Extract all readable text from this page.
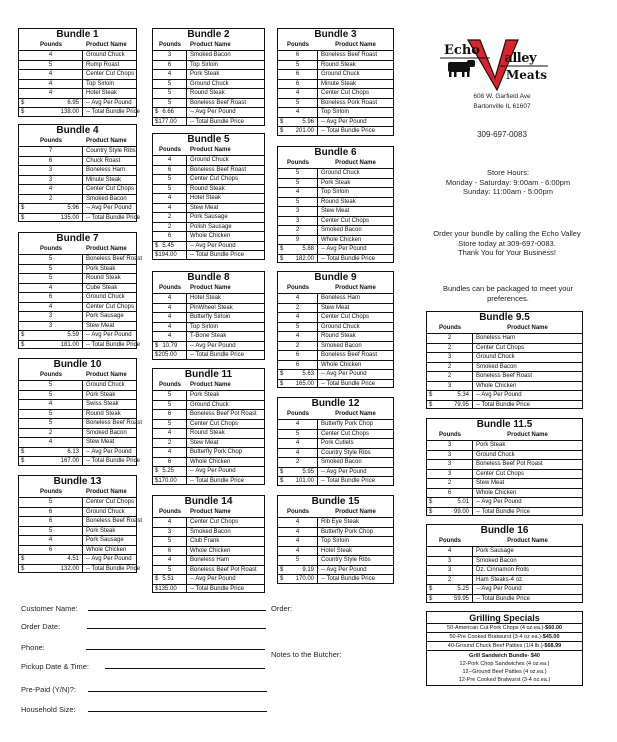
Bundle 1
Pounds	Product Name
4	Ground Chuck
5	Rump Roast
4	Center Cut Chops
4	Top Sirloin
4	Hotel Steak
$	6.95	-- Avg Per Pound
$	138.00	-- Total Bundle Price
Bundle 2
Pounds	Product Name
3	Smoked Bacon
6	Top Sirloin
4	Pork Steak
5	Ground Chuck
5	Round Steak
5	Boneless Beef Roast
$ 6.66	-- Avg Per Pound
$ 177.00	-- Total Bundle Price
Bundle 3
Pounds	Product Name
6	Boneless Beef Roast
5	Round Steak
6	Ground Chuck
6	Minute Steak
4	Center Cut Chops
5	Boneless Pork Roast
4	Top Sirloin
$	5.96	-- Avg Per Pound
$ 201.00	-- Total Bundle Price
Bundle 4
Pounds	Product Name
7	Country Style Ribs
6	Chuck Roast
3	Boneless Ham
3	Minute Steak
4	Center Cut Chops
2	Smoked Bacon
$	5.96	-- Avg Per Pound
$	135.00	-- Total Bundle Price
Bundle 5
Pounds	Product Name
4	Ground Chuck
6	Boneless Beef Roast
5	Center Cut Chops
5	Round Steak
4	Hotel Steak
4	Stew Meat
2	Pork Sausage
2	Polish Sausage
6	Whole Chicken
$ 5.45	-- Avg Per Pound
$ 194.00	-- Total Bundle Price
Bundle 6
Pounds	Product Name
5	Ground Chuck
5	Pork Steak
4	Top Sirloin
5	Round Steak
3	Stew Meat
3	Center Cut Chops
2	Smoked Bacon
9	Whole Chicken
$	5.88	-- Avg Per Pound
$ 182.00	-- Total Bundle Price
Bundle 7
Pounds	Product Name
5	Boneless Beef Roast
5	Pork Steak
5	Round Steak
4	Cube Steak
6	Ground Chuck
4	Center Cut Chops
3	Pork Sausage
3	Stew Meat
$	5.59	-- Avg Per Pound
$	181.00	-- Total Bundle Price
Bundle 8
Pounds	Product Name
4	Hotel Steak
4	PinWheel Steak
4	Butterfly Sirloin
4	Top Sirloin
4	T-Bone Steak
$ 10.79	-- Avg Per Pound
$ 205.00	-- Total Bundle Price
Bundle 9
Pounds	Product Name
4	Boneless Ham
2	Stew Meat
4	Center Cut Chops
5	Ground Chuck
4	Round Steak
2	Smoked Bacon
6	Boneless Beef Roast
6	Whole Chicken
$	5.63	-- Avg Per Pound
$ 165.00	-- Total Bundle Price
Bundle 10
Pounds	Product Name
5	Ground Chuck
5	Pork Steak
4	Swiss Steak
5	Round Steak
5	Boneless Beef Roast
2	Smoked Bacon
4	Stew Meat
$	6.13	-- Avg Per Pound
$	167.00	-- Total Bundle Price
Bundle 11
Pounds	Product Name
5	Pork Steak
5	Ground Chuck
6	Boneless Beef Pot Roast
5	Center Cut Chops
4	Round Steak
2	Stew Meat
4	Butterfly Pork Chop
6	Whole Chicken
$ 5.25	-- Avg Per Pound
$ 170.00	-- Total Bundle Price
Bundle 12
Pounds	Product Name
4	Butterfly Pork Chop
5	Center Cut Chops
4	Pork Cutlets
4	Country Style Ribs
2	Smoked Bacon
$	5.95	-- Avg Per Pound
$ 101.00	-- Total Bundle Price
Bundle 13
Pounds	Product Name
5	Center Cut Chops
6	Ground Chuck
6	Boneless Beef Roast
5	Pork Steak
4	Pork Sausage
6	Whole Chicken
$	4.51	-- Avg Per Pound
$	132.00	-- Total Bundle Price
Bundle 14
Pounds	Product Name
4	Center Cut Chops
3	Smoked Bacon
5	Club Frank
6	Whole Chicken
4	Boneless Ham
5	Boneless Beef Pot Roast
$ 5.51	-- Avg Per Pound
$ 135.00	-- Total Bundle Price
Bundle 15
Pounds	Product Name
4	Rib Eye Steak
4	Butterfly Pork Chop
4	Top Sirloin
4	Hotel Steak
5	Country Style Ribs
$	9.19	-- Avg Per Pound
$ 170.00	-- Total Bundle Price
Bundle 9.5
Pounds	Product Name
2	Boneless Ham
2	Center Cut Chops
3	Ground Chuck
2	Smoked Bacon
2	Boneless Beef Roast
3	Whole Chicken
$	5.34	-- Avg Per Pound
$	79.95	-- Total Bundle Price
Bundle 11.5
Pounds	Product Name
3	Pork Steak
3	Ground Chuck
3	Boneless Beef Pot Roast
3	Center Cut Chops
2	Stew Meat
6	Whole Chicken
$	5.01	-- Avg Per Pound
$	99.00	-- Total Bundle Price
Bundle 16
Pounds	Product Name
4	Pork Sausage
3	Smoked Bacon
3	Dz. Cinnamon Rolls
2	Ham Steaks-4 oz.
$	5.25	-- Avg Per Pound
$	59.95	-- Total Bundle Price
Echo
Valley
Meats
608 W. Garfield Ave
Bartonville IL 61607
309-697-0083
Store Hours:
Monday - Saturday: 9:00am - 6:00pm
Sunday: 11:00am - 5:00pm
Order your bundle by calling the Echo Valley
Store today at 309-697-0083.
Thank You for Your Business!
Bundles can be packaged to meet your
preferences.
Grilling Specials
50-American Cut Pork Chops (4 oz.ea.)-$60.00
50-Pre Cooked Bratwurst (3-4 oz ea.)-$45.00
40-Ground Chuck Beef Patties (1/4 lb.)-$68.99
Grill Sandwich Bundle- $40
12-Pork Chop Sandwiches (4 oz.ea.)
12--Ground Beef Patties (4 oz.ea.)
12-Pre Cooked Bratwurst (3-4 oz.ea.)
Customer Name:	Order:
Order Date:
Phone:
Notes to the Butcher:
Pickup Date & Time:
Pre-Paid (Y/N)?:
Household Size:
